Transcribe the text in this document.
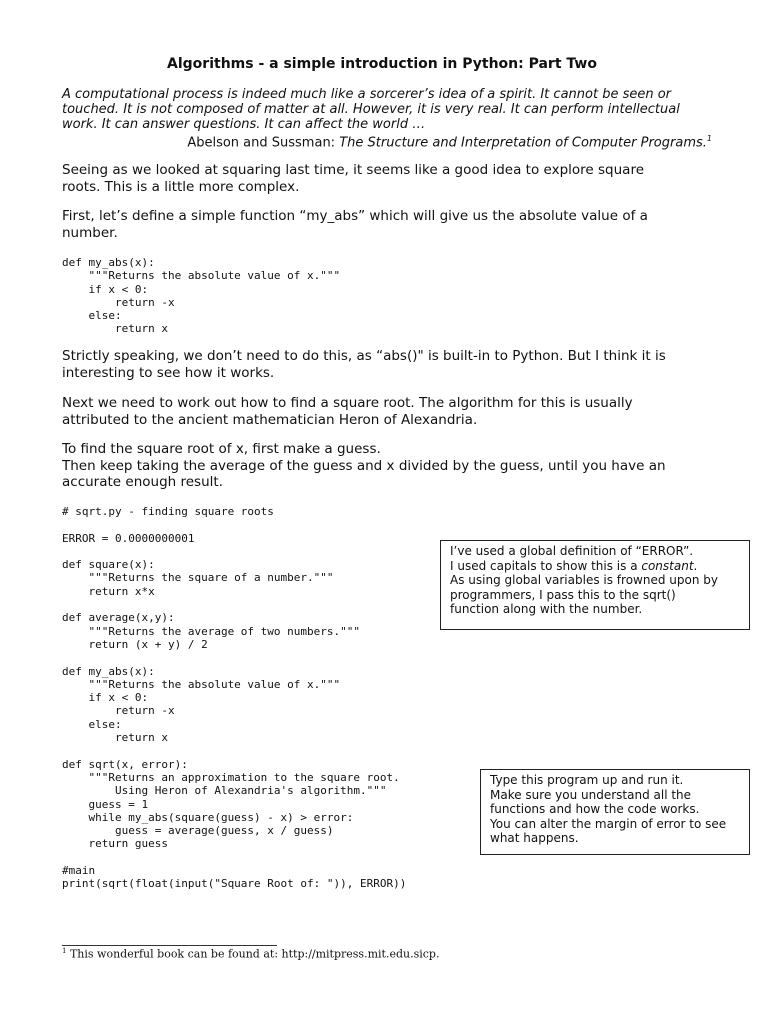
Algorithms - a simple introduction in Python: Part Two
A computational process is indeed much like a sorcerer’s idea of a spirit. It cannot be seen or
touched. It is not composed of matter at all. However, it is very real. It can perform intellectual
work. It can answer questions. It can affect the world …
Abelson and Sussman: The Structure and Interpretation of Computer Programs.$^1$
Seeing as we looked at squaring last time, it seems like a good idea to explore square
roots. This is a little more complex.
First, let’s define a simple function “my_abs” which will give us the absolute value of a
number.
def my_abs(x):
"""Returns the absolute value of x."""
if x < 0:
return -x
else:
return x
Strictly speaking, we don’t need to do this, as “abs()" is built-in to Python. But I think it is
interesting to see how it works.
Next we need to work out how to find a square root. The algorithm for this is usually
attributed to the ancient mathematician Heron of Alexandria.
To find the square root of x, first make a guess.
Then keep taking the average of the guess and x divided by the guess, until you have an
accurate enough result.
# sqrt.py - finding square roots

ERROR = 0.0000000001

def square(x):
"""Returns the square of a number."""
return x*x

def average(x,y):
"""Returns the average of two numbers."""
return (x + y) / 2

def my_abs(x):
"""Returns the absolute value of x."""
if x < 0:
return -x
else:
return x

def sqrt(x, error):
"""Returns an approximation to the square root.
Using Heron of Alexandria's algorithm."""
guess = 1
while my_abs(square(guess) - x) > error:
guess = average(guess, x / guess)
return guess

#main
print(sqrt(float(input("Square Root of: ")), ERROR))
I’ve used a global definition of “ERROR”.
I used capitals to show this is a constant.
As using global variables is frowned upon by
programmers, I pass this to the sqrt()
function along with the number.
Type this program up and run it.
Make sure you understand all the
functions and how the code works.
You can alter the margin of error to see
what happens.
$^1$ This wonderful book can be found at: http://mitpress.mit.edu.sicp.
